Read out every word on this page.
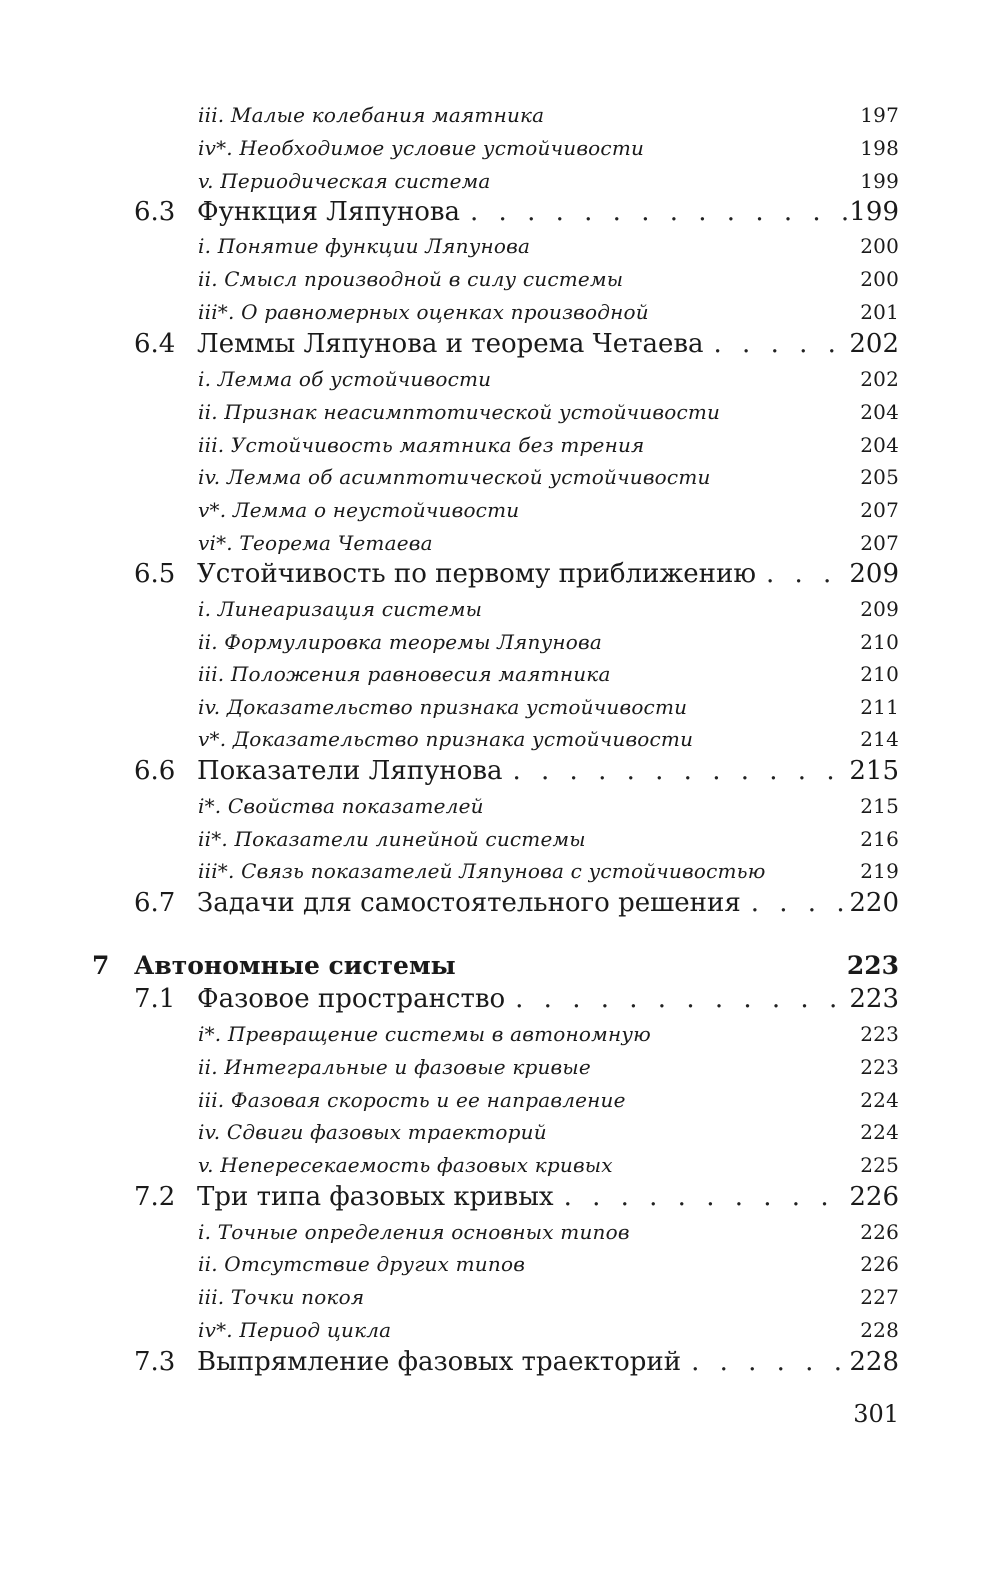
iii. Малые колебания маятника	197
iv*. Необходимое условие устойчивости	198
v. Периодическая система	199
6.3 Функция Ляпунова . . .	199
i. Понятие функции Ляпунова	200
ii. Смысл производной в силу системы	200
iii*. О равномерных оценках производной	201
6.4 Леммы Ляпунова и теорема Четаева . . .	202
i. Лемма об устойчивости	202
ii. Признак неасимптотической устойчивости	204
iii. Устойчивость маятника без трения	204
iv. Лемма об асимптотической устойчивости	205
v*. Лемма о неустойчивости	207
vi*. Теорема Четаева	207
6.5 Устойчивость по первому приближению . . .	209
i. Линеаризация системы	209
ii. Формулировка теоремы Ляпунова	210
iii. Положения равновесия маятника	210
iv. Доказательство признака устойчивости	211
v*. Доказательство признака устойчивости	214
6.6 Показатели Ляпунова . . .	215
i*. Свойства показателей	215
ii*. Показатели линейной системы	216
iii*. Связь показателей Ляпунова с устойчивостью	219
6.7 Задачи для самостоятельного решения . . .	220
7 Автономные системы	223
7.1 Фазовое пространство . . .	223
i*. Превращение системы в автономную	223
ii. Интегральные и фазовые кривые	223
iii. Фазовая скорость и ее направление	224
iv. Сдвиги фазовых траекторий	224
v. Непересекаемость фазовых кривых	225
7.2 Три типа фазовых кривых . . .	226
i. Точные определения основных типов	226
ii. Отсутствие других типов	226
iii. Точки покоя	227
iv*. Период цикла	228
7.3 Выпрямление фазовых траекторий . . .	228
301
